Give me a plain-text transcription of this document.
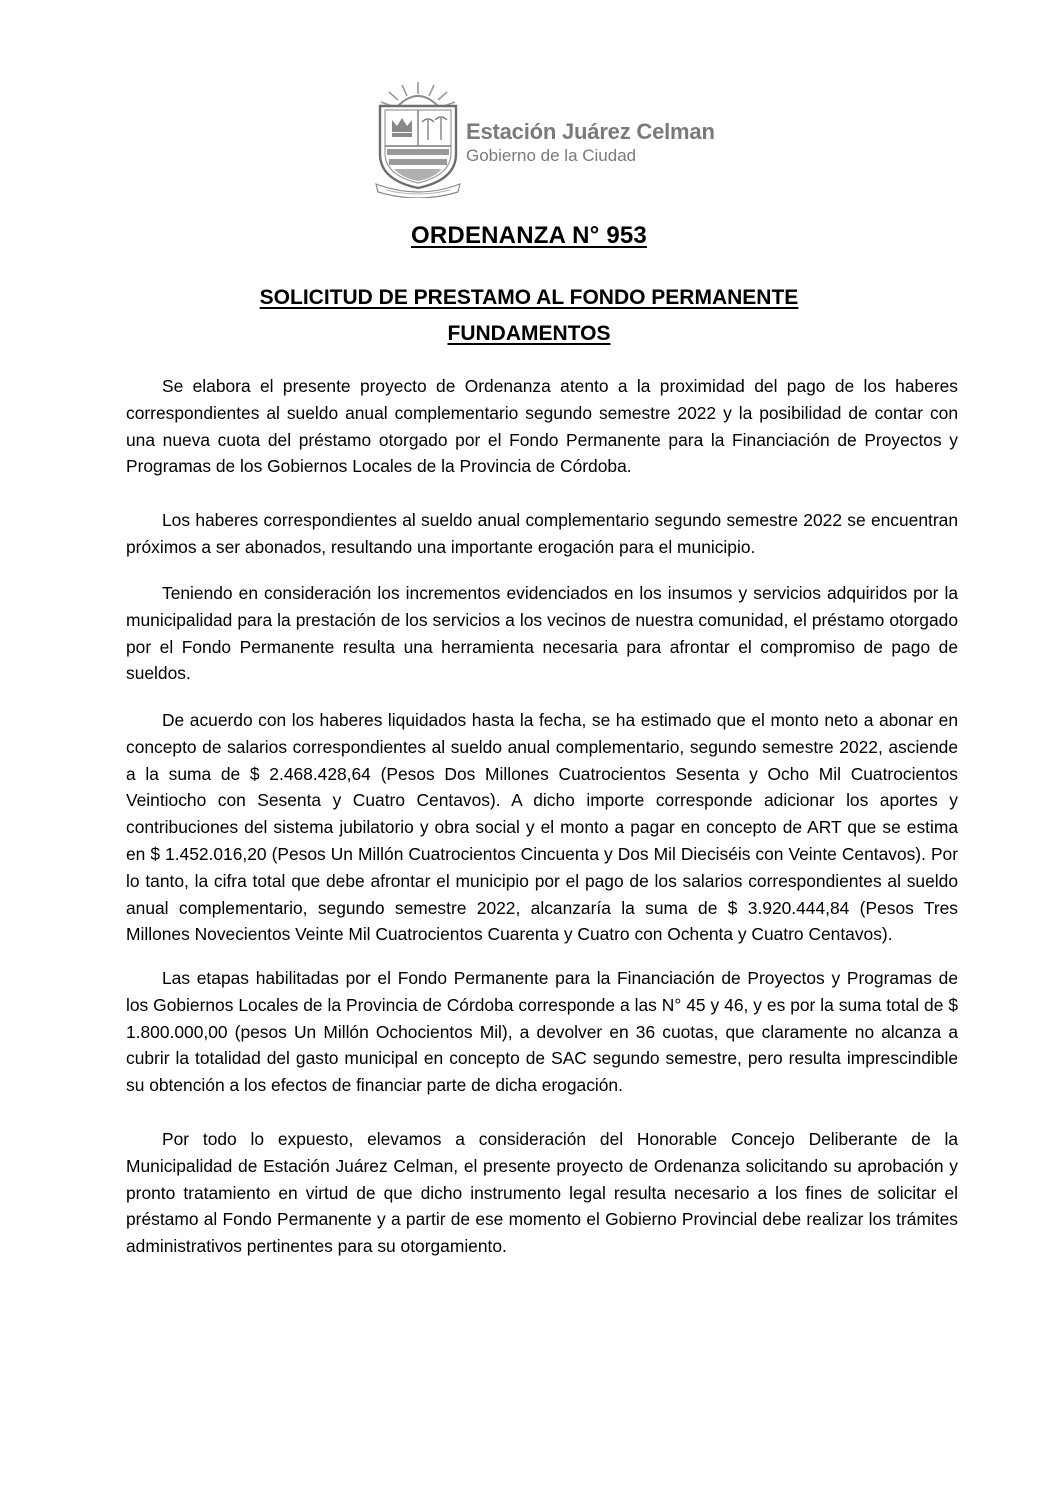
Estación Juárez Celman
Gobierno de la Ciudad
ORDENANZA N° 953
SOLICITUD DE PRESTAMO AL FONDO PERMANENTE
FUNDAMENTOS

Se elabora el presente proyecto de Ordenanza atento a la proximidad del pago de los haberes correspondientes al sueldo anual complementario segundo semestre 2022 y la posibilidad de contar con una nueva cuota del préstamo otorgado por el Fondo Permanente para la Financiación de Proyectos y Programas de los Gobiernos Locales de la Provincia de Córdoba.

Los haberes correspondientes al sueldo anual complementario segundo semestre 2022 se encuentran próximos a ser abonados, resultando una importante erogación para el municipio.

Teniendo en consideración los incrementos evidenciados en los insumos y servicios adquiridos por la municipalidad para la prestación de los servicios a los vecinos de nuestra comunidad, el préstamo otorgado por el Fondo Permanente resulta una herramienta necesaria para afrontar el compromiso de pago de sueldos.

De acuerdo con los haberes liquidados hasta la fecha, se ha estimado que el monto neto a abonar en concepto de salarios correspondientes al sueldo anual complementario, segundo semestre 2022, asciende a la suma de $ 2.468.428,64 (Pesos Dos Millones Cuatrocientos Sesenta y Ocho Mil Cuatrocientos Veintiocho con Sesenta y Cuatro Centavos). A dicho importe corresponde adicionar los aportes y contribuciones del sistema jubilatorio y obra social y el monto a pagar en concepto de ART que se estima en $ 1.452.016,20 (Pesos Un Millón Cuatrocientos Cincuenta y Dos Mil Dieciséis con Veinte Centavos). Por lo tanto, la cifra total que debe afrontar el municipio por el pago de los salarios correspondientes al sueldo anual complementario, segundo semestre 2022, alcanzaría la suma de $ 3.920.444,84 (Pesos Tres Millones Novecientos Veinte Mil Cuatrocientos Cuarenta y Cuatro con Ochenta y Cuatro Centavos).

Las etapas habilitadas por el Fondo Permanente para la Financiación de Proyectos y Programas de los Gobiernos Locales de la Provincia de Córdoba corresponde a las N° 45 y 46, y es por la suma total de $ 1.800.000,00 (pesos Un Millón Ochocientos Mil), a devolver en 36 cuotas, que claramente no alcanza a cubrir la totalidad del gasto municipal en concepto de SAC segundo semestre, pero resulta imprescindible su obtención a los efectos de financiar parte de dicha erogación.

Por todo lo expuesto, elevamos a consideración del Honorable Concejo Deliberante de la Municipalidad de Estación Juárez Celman, el presente proyecto de Ordenanza solicitando su aprobación y pronto tratamiento en virtud de que dicho instrumento legal resulta necesario a los fines de solicitar el préstamo al Fondo Permanente y a partir de ese momento el Gobierno Provincial debe realizar los trámites administrativos pertinentes para su otorgamiento.
